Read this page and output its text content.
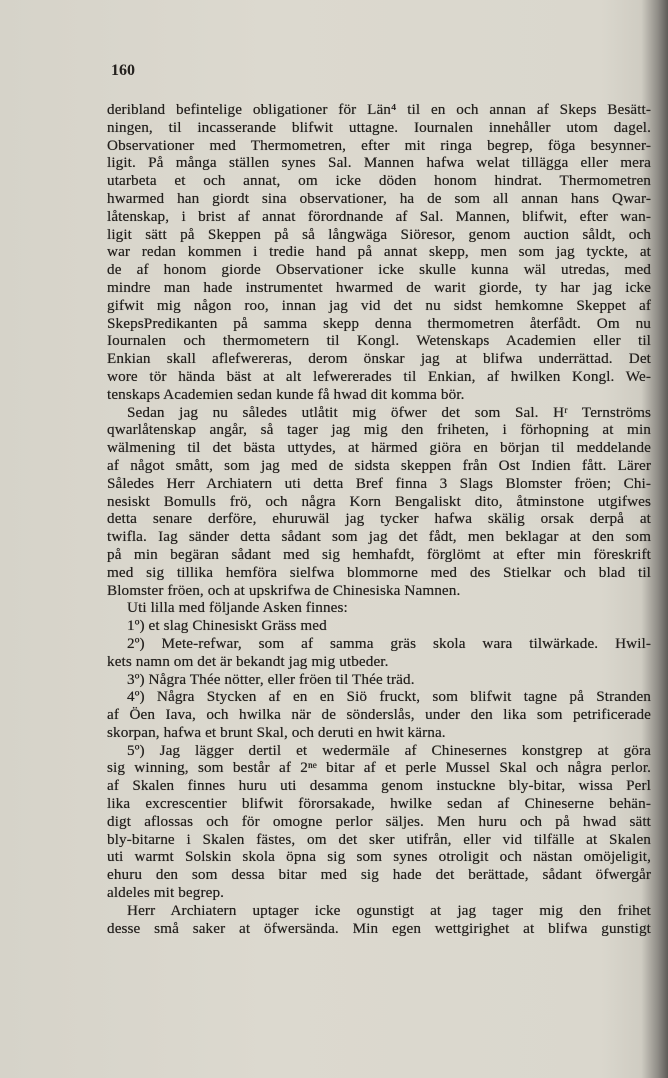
160
deribland befintelige obligationer för Län⁴ til en och annan af Skeps Besätt-
ningen, til incasserande blifwit uttagne. Iournalen innehåller utom dagel.
Observationer med Thermometren, efter mit ringa begrep, föga besynner-
ligit. På många ställen synes Sal. Mannen hafwa welat tillägga eller mera
utarbeta et och annat, om icke döden honom hindrat. Thermometren
hwarmed han giordt sina observationer, ha de som all annan hans Qwar-
låtenskap, i brist af annat förordnande af Sal. Mannen, blifwit, efter wan-
ligit sätt på Skeppen på så långwäga Siöresor, genom auction såldt, och
war redan kommen i tredie hand på annat skepp, men som jag tyckte, at
de af honom giorde Observationer icke skulle kunna wäl utredas, med
mindre man hade instrumentet hwarmed de warit giorde, ty har jag icke
gifwit mig någon roo, innan jag vid det nu sidst hemkomne Skeppet af
SkepsPredikanten på samma skepp denna thermometren återfådt. Om nu
Iournalen och thermometern til Kongl. Wetenskaps Academien eller til
Enkian skall aflefwereras, derom önskar jag at blifwa underrättad. Det
wore tör hända bäst at alt lefwererades til Enkian, af hwilken Kongl. We-
tenskaps Academien sedan kunde få hwad dit komma bör.
Sedan jag nu således utlåtit mig öfwer det som Sal. Hʳ Ternströms
qwarlåtenskap angår, så tager jag mig den friheten, i förhopning at min
wälmening til det bästa uttydes, at härmed giöra en början til meddelande
af något smått, som jag med de sidsta skeppen från Ost Indien fått. Lärer
Således Herr Archiatern uti detta Bref finna 3 Slags Blomster fröen; Chi-
nesiskt Bomulls frö, och några Korn Bengaliskt dito, åtminstone utgifwes
detta senare derföre, ehuruwäl jag tycker hafwa skälig orsak derpå at
twifla. Iag sänder detta sådant som jag det fådt, men beklagar at den som
på min begäran sådant med sig hemhafdt, förglömt at efter min föreskrift
med sig tillika hemföra sielfwa blommorne med des Stielkar och blad til
Blomster fröen, och at upskrifwa de Chinesiska Namnen.
Uti lilla med följande Asken finnes:
1º) et slag Chinesiskt Gräss med
2º) Mete-refwar, som af samma gräs skola wara tilwärkade. Hwil-
kets namn om det är bekandt jag mig utbeder.
3º) Några Thée nötter, eller fröen til Thée träd.
4º) Några Stycken af en en Siö fruckt, som blifwit tagne på Stranden
af Öen Iava, och hwilka när de sönderslås, under den lika som petrificerade
skorpan, hafwa et brunt Skal, och deruti en hwit kärna.
5º) Jag lägger dertil et wedermäle af Chinesernes konstgrep at göra
sig winning, som består af 2ⁿᵉ bitar af et perle Mussel Skal och några perlor.
af Skalen finnes huru uti desamma genom instuckne bly-bitar, wissa Perl
lika excrescentier blifwit förorsakade, hwilke sedan af Chineserne behän-
digt aflossas och för omogne perlor säljes. Men huru och på hwad sätt
bly-bitarne i Skalen fästes, om det sker utifrån, eller vid tilfälle at Skalen
uti warmt Solskin skola öpna sig som synes otroligit och nästan omöjeligit,
ehuru den som dessa bitar med sig hade det berättade, sådant öfwergår
aldeles mit begrep.
Herr Archiatern uptager icke ogunstigt at jag tager mig den frihet
desse små saker at öfwersända. Min egen wettgirighet at blifwa gunstigt
